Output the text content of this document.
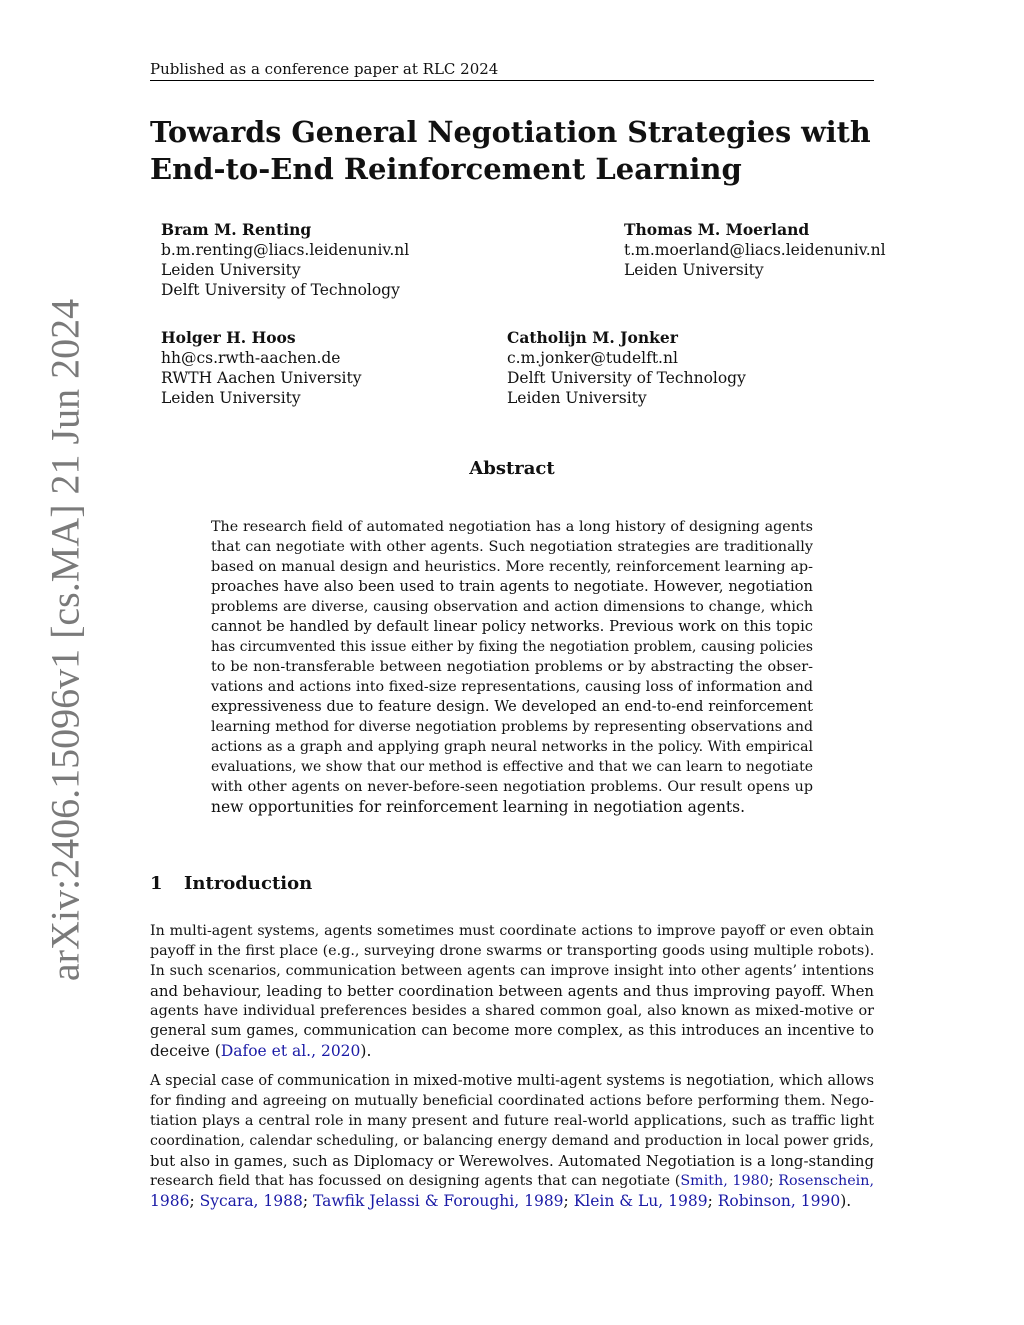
Published as a conference paper at RLC 2024
arXiv:2406.15096v1 [cs.MA] 21 Jun 2024
Towards General Negotiation Strategies with
End-to-End Reinforcement Learning
Bram M. Renting
b.m.renting@liacs.leidenuniv.nl
Leiden University
Delft University of Technology
Thomas M. Moerland
t.m.moerland@liacs.leidenuniv.nl
Leiden University
Holger H. Hoos
hh@cs.rwth-aachen.de
RWTH Aachen University
Leiden University
Catholijn M. Jonker
c.m.jonker@tudelft.nl
Delft University of Technology
Leiden University
Abstract
The research field of automated negotiation has a long history of designing agents
that can negotiate with other agents. Such negotiation strategies are traditionally
based on manual design and heuristics. More recently, reinforcement learning ap-
proaches have also been used to train agents to negotiate. However, negotiation
problems are diverse, causing observation and action dimensions to change, which
cannot be handled by default linear policy networks. Previous work on this topic
has circumvented this issue either by fixing the negotiation problem, causing policies
to be non-transferable between negotiation problems or by abstracting the obser-
vations and actions into fixed-size representations, causing loss of information and
expressiveness due to feature design. We developed an end-to-end reinforcement
learning method for diverse negotiation problems by representing observations and
actions as a graph and applying graph neural networks in the policy. With empirical
evaluations, we show that our method is effective and that we can learn to negotiate
with other agents on never-before-seen negotiation problems. Our result opens up
new opportunities for reinforcement learning in negotiation agents.
1 Introduction
In multi-agent systems, agents sometimes must coordinate actions to improve payoff or even obtain
payoff in the first place (e.g., surveying drone swarms or transporting goods using multiple robots).
In such scenarios, communication between agents can improve insight into other agents’ intentions
and behaviour, leading to better coordination between agents and thus improving payoff. When
agents have individual preferences besides a shared common goal, also known as mixed-motive or
general sum games, communication can become more complex, as this introduces an incentive to
deceive (Dafoe et al., 2020).
A special case of communication in mixed-motive multi-agent systems is negotiation, which allows
for finding and agreeing on mutually beneficial coordinated actions before performing them. Nego-
tiation plays a central role in many present and future real-world applications, such as traffic light
coordination, calendar scheduling, or balancing energy demand and production in local power grids,
but also in games, such as Diplomacy or Werewolves. Automated Negotiation is a long-standing
research field that has focussed on designing agents that can negotiate (Smith, 1980; Rosenschein,
1986; Sycara, 1988; Tawfik Jelassi & Foroughi, 1989; Klein & Lu, 1989; Robinson, 1990).
